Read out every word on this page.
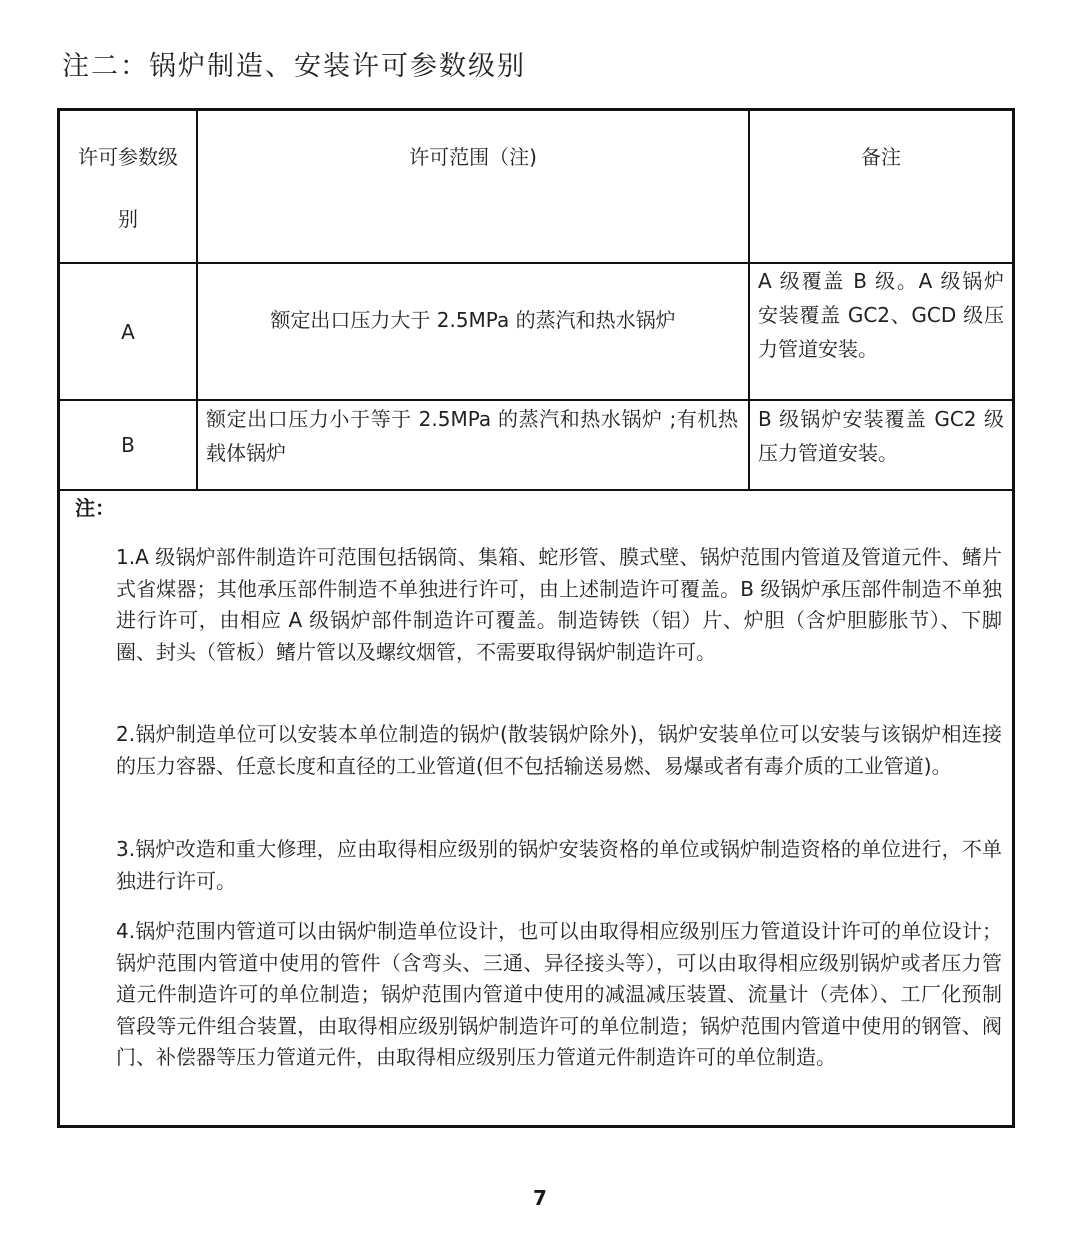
注二：锅炉制造、安装许可参数级别
许可参数级
别
许可范围（注)	备注
A	额定出口压力大于 2.5MPa 的蒸汽和热水锅炉
A 级覆盖 B 级。A 级锅炉安装覆盖 GC2、GCD 级压力管道安装。
B
额定出口压力小于等于 2.5MPa 的蒸汽和热水锅炉 ;有机热载体锅炉
B 级锅炉安装覆盖 GC2 级压力管道安装。
注：
1.A 级锅炉部件制造许可范围包括锅筒、集箱、蛇形管、膜式壁、锅炉范围内管道及管道元件、鳍片式省煤器；其他承压部件制造不单独进行许可，由上述制造许可覆盖。B 级锅炉承压部件制造不单独进行许可，由相应 A 级锅炉部件制造许可覆盖。制造铸铁（铝）片、炉胆（含炉胆膨胀节）、下脚圈、封头（管板）鳍片管以及螺纹烟管，不需要取得锅炉制造许可。
2.锅炉制造单位可以安装本单位制造的锅炉(散装锅炉除外)，锅炉安装单位可以安装与该锅炉相连接的压力容器、任意长度和直径的工业管道(但不包括输送易燃、易爆或者有毒介质的工业管道)。
3.锅炉改造和重大修理，应由取得相应级别的锅炉安装资格的单位或锅炉制造资格的单位进行，不单独进行许可。
4.锅炉范围内管道可以由锅炉制造单位设计，也可以由取得相应级别压力管道设计许可的单位设计；锅炉范围内管道中使用的管件（含弯头、三通、异径接头等），可以由取得相应级别锅炉或者压力管道元件制造许可的单位制造；锅炉范围内管道中使用的减温减压装置、流量计（壳体）、工厂化预制管段等元件组合装置，由取得相应级别锅炉制造许可的单位制造；锅炉范围内管道中使用的钢管、阀门、补偿器等压力管道元件，由取得相应级别压力管道元件制造许可的单位制造。
7
